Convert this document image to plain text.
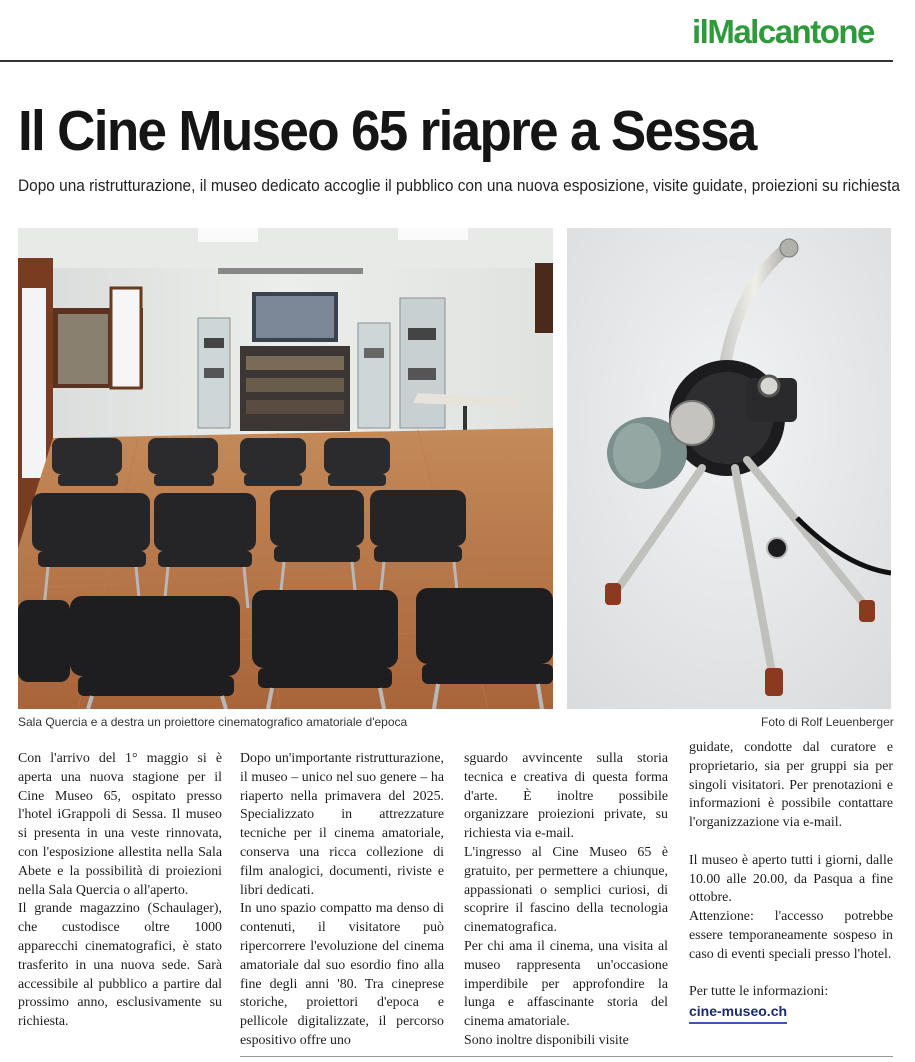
ilMalcantone
Il Cine Museo 65 riapre a Sessa
Dopo una ristrutturazione, il museo dedicato accoglie il pubblico con una nuova esposizione, visite guidate, proiezioni su richiesta
Sala Quercia e a destra un proiettore cinematografico amatoriale d'epoca	Foto di Rolf Leuenberger

Con l'arrivo del 1° maggio si è aperta una nuova stagione per il Cine Museo 65, ospitato presso l'hotel iGrappoli di Sessa. Il museo si presenta in una veste rinnovata, con l'esposizione allestita nella Sala Abete e la possibilità di proiezioni nella Sala Quercia o all'aperto.

Il grande magazzino (Schaulager), che custodisce oltre 1000 apparecchi cinematografici, è stato trasferito in una nuova sede. Sarà accessibile al pubblico a partire dal prossimo anno, esclusivamente su richiesta.

Dopo un'importante ristrutturazione, il museo – unico nel suo genere – ha riaperto nella primavera del 2025. Specializzato in attrezzature tecniche per il cinema amatoriale, conserva una ricca collezione di film analogici, documenti, riviste e libri dedicati.

In uno spazio compatto ma denso di contenuti, il visitatore può ripercorrere l'evoluzione del cinema amatoriale dal suo esordio fino alla fine degli anni '80. Tra cineprese storiche, proiettori d'epoca e pellicole digitalizzate, il percorso espositivo offre uno

sguardo avvincente sulla storia tecnica e creativa di questa forma d'arte. È inoltre possibile organizzare proiezioni private, su richiesta via e-mail.

L'ingresso al Cine Museo 65 è gratuito, per permettere a chiunque, appassionati o semplici curiosi, di scoprire il fascino della tecnologia cinematografica.

Per chi ama il cinema, una visita al museo rappresenta un'occasione imperdibile per approfondire la lunga e affascinante storia del cinema amatoriale.

Sono inoltre disponibili visite

guidate, condotte dal curatore e proprietario, sia per gruppi sia per singoli visitatori. Per prenotazioni e informazioni è possibile contattare l'organizzazione via e-mail.

Il museo è aperto tutti i giorni, dalle 10.00 alle 20.00, da Pasqua a fine ottobre.

Attenzione: l'accesso potrebbe essere temporaneamente sospeso in caso di eventi speciali presso l'hotel.

Per tutte le informazioni:

cine-museo.ch
